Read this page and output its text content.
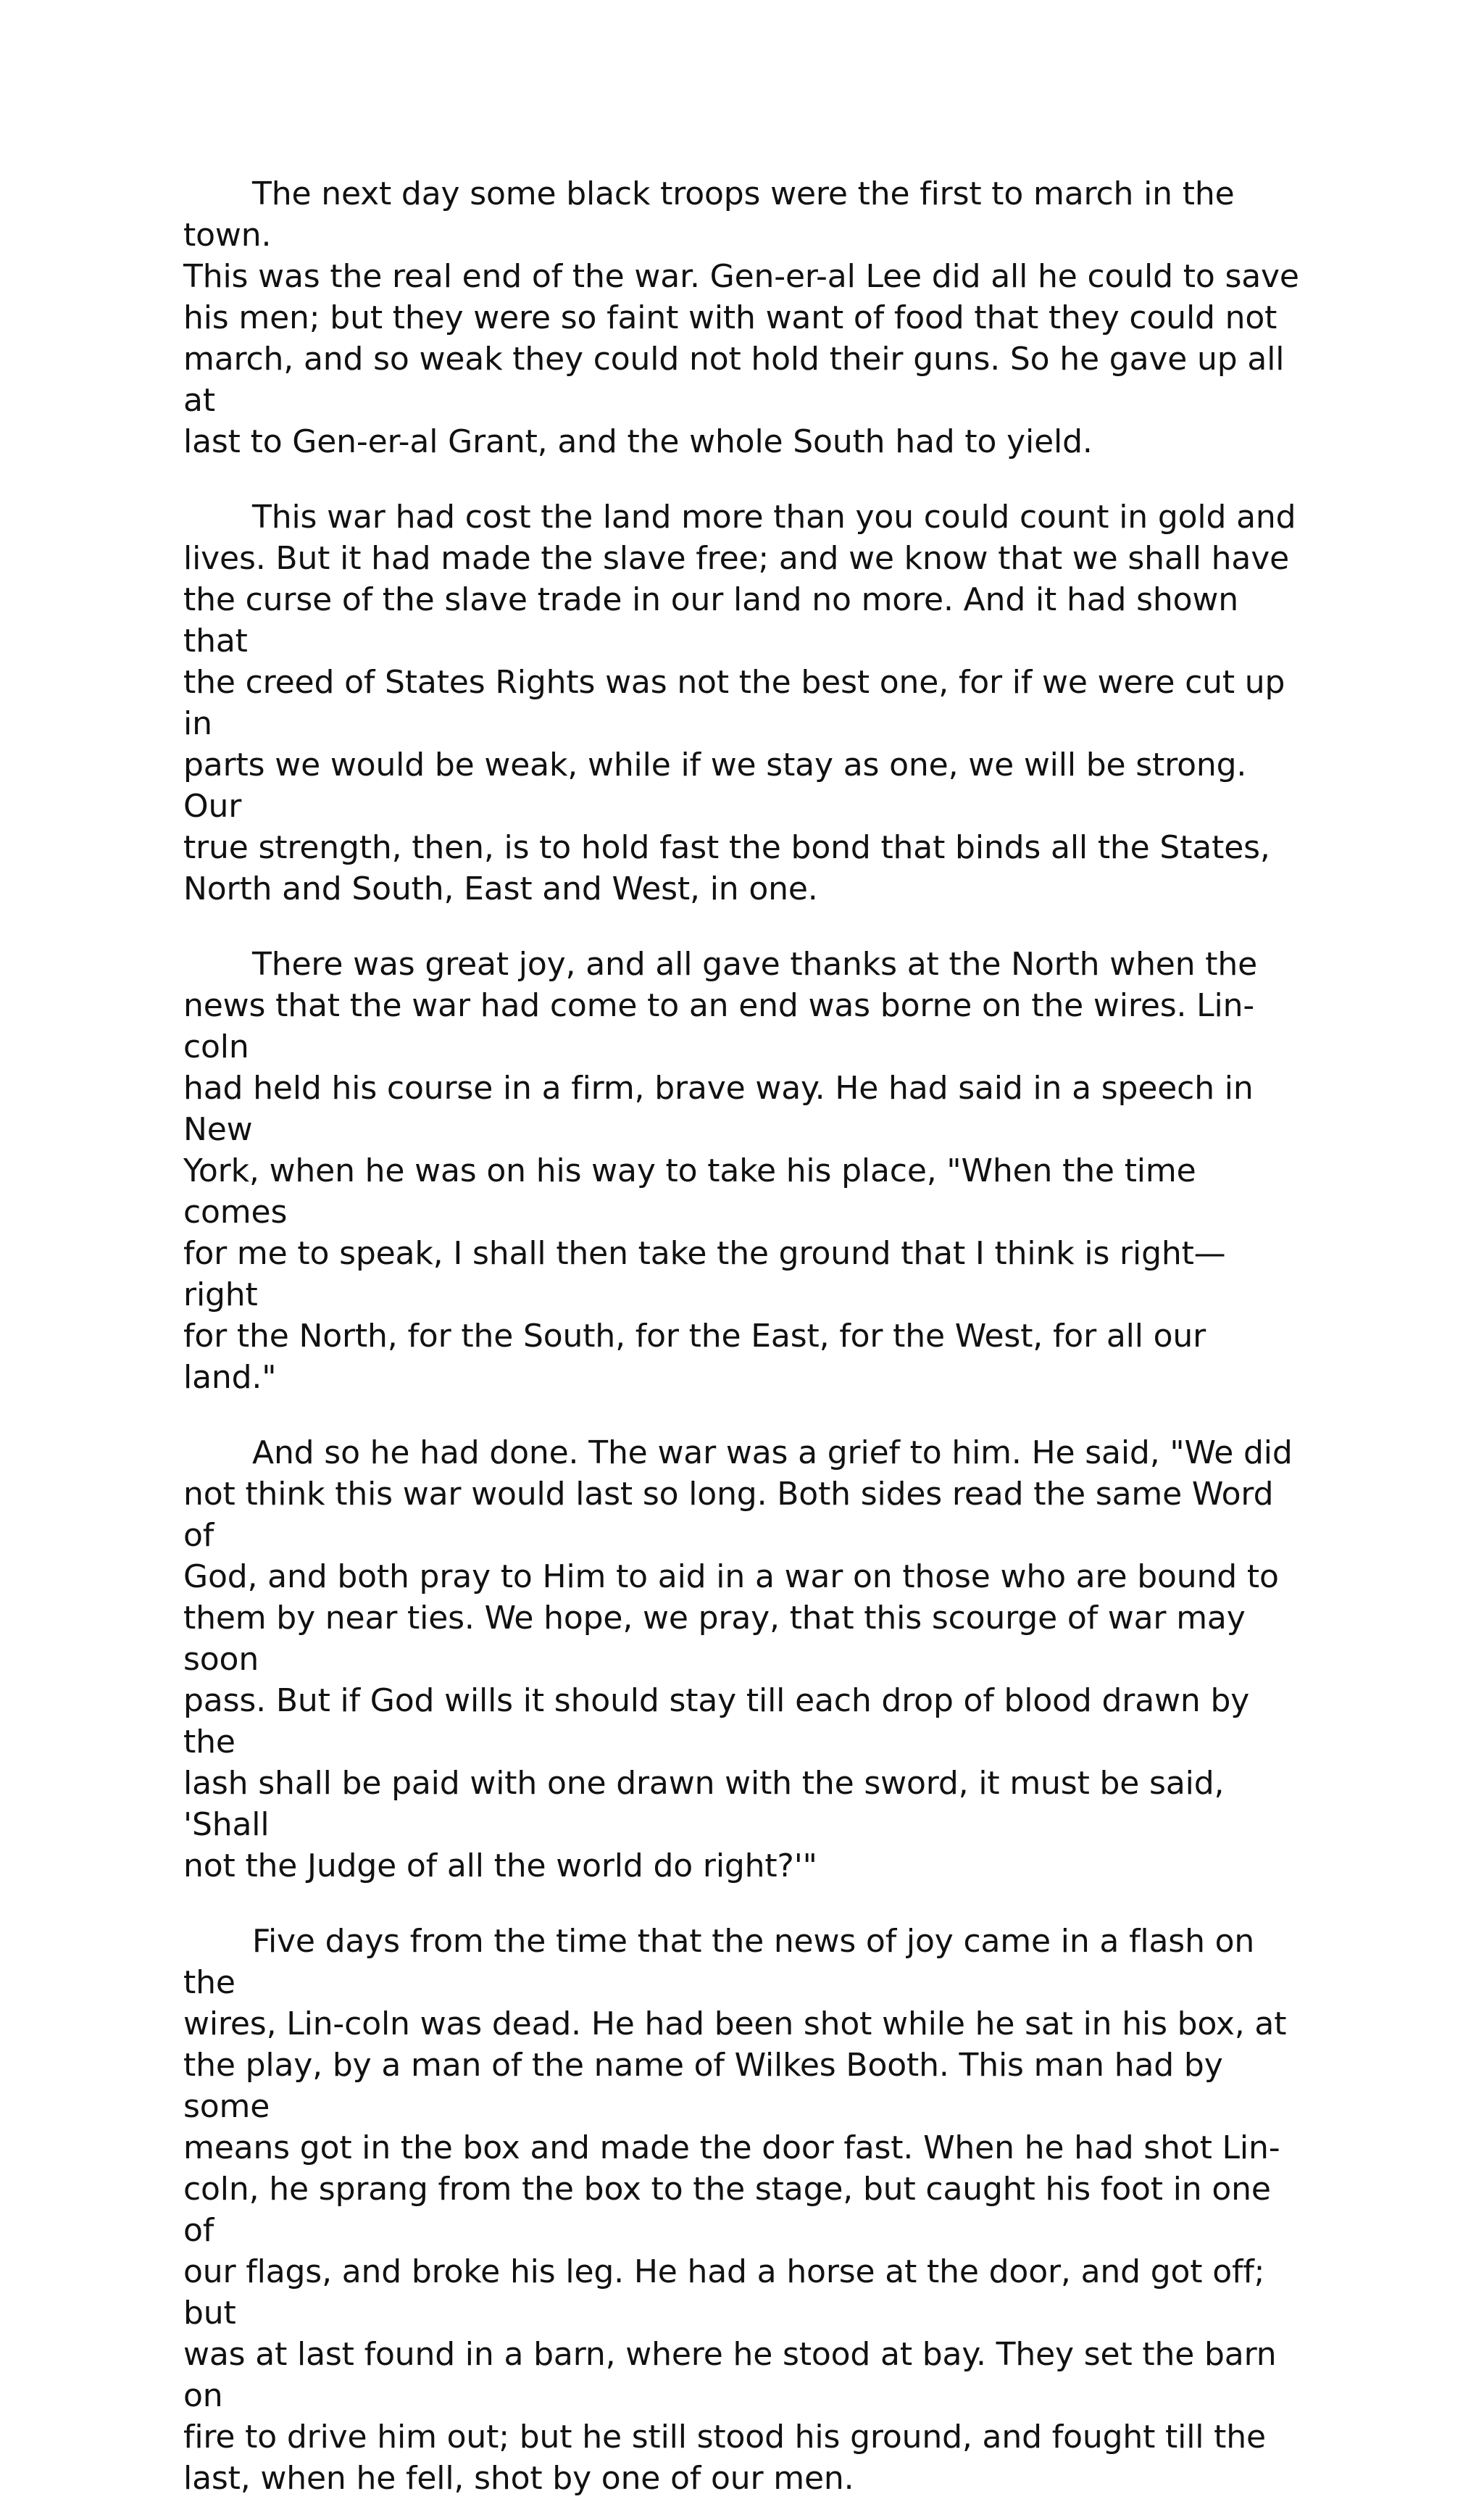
The next day some black troops were the first to march in the town.
This was the real end of the war. Gen-er-al Lee did all he could to save
his men; but they were so faint with want of food that they could not
march, and so weak they could not hold their guns. So he gave up all at
last to Gen-er-al Grant, and the whole South had to yield.

This war had cost the land more than you could count in gold and
lives. But it had made the slave free; and we know that we shall have
the curse of the slave trade in our land no more. And it had shown that
the creed of States Rights was not the best one, for if we were cut up in
parts we would be weak, while if we stay as one, we will be strong. Our
true strength, then, is to hold fast the bond that binds all the States,
North and South, East and West, in one.

There was great joy, and all gave thanks at the North when the
news that the war had come to an end was borne on the wires. Lin-coln
had held his course in a firm, brave way. He had said in a speech in New
York, when he was on his way to take his place, "When the time comes
for me to speak, I shall then take the ground that I think is right—right
for the North, for the South, for the East, for the West, for all our land."

And so he had done. The war was a grief to him. He said, "We did
not think this war would last so long. Both sides read the same Word of
God, and both pray to Him to aid in a war on those who are bound to
them by near ties. We hope, we pray, that this scourge of war may soon
pass. But if God wills it should stay till each drop of blood drawn by the
lash shall be paid with one drawn with the sword, it must be said, 'Shall
not the Judge of all the world do right?'"

Five days from the time that the news of joy came in a flash on the
wires, Lin-coln was dead. He had been shot while he sat in his box, at
the play, by a man of the name of Wilkes Booth. This man had by some
means got in the box and made the door fast. When he had shot Lin-
coln, he sprang from the box to the stage, but caught his foot in one of
our flags, and broke his leg. He had a horse at the door, and got off; but
was at last found in a barn, where he stood at bay. They set the barn on
fire to drive him out; but he still stood his ground, and fought till the
last, when he fell, shot by one of our men.
